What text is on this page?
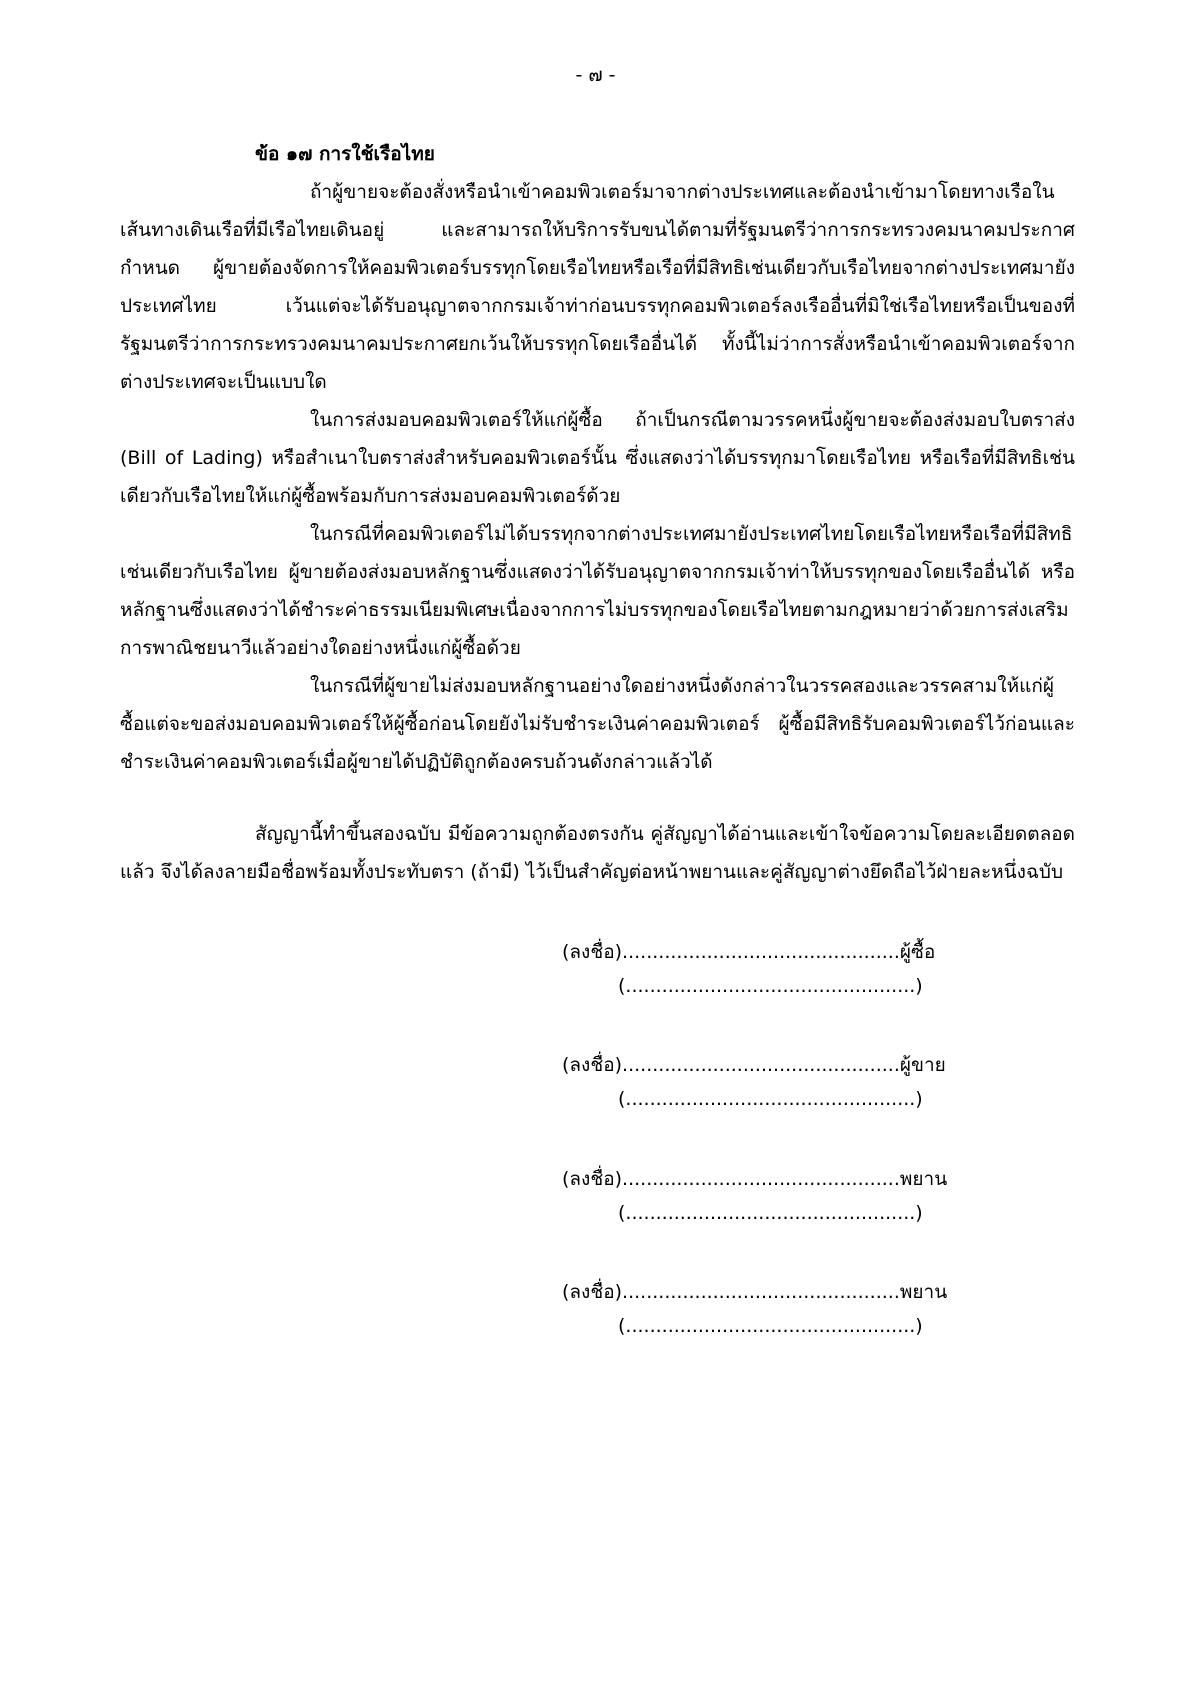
- ๗ -

ข้อ ๑๗ การใช้เรือไทย

ถ้าผู้ขายจะต้องสั่งหรือนำเข้าคอมพิวเตอร์มาจากต่างประเทศและต้องนำเข้ามาโดยทางเรือในเส้นทางเดินเรือที่มีเรือไทยเดินอยู่ และสามารถให้บริการรับขนได้ตามที่รัฐมนตรีว่าการกระทรวงคมนาคมประกาศกำหนด ผู้ขายต้องจัดการให้คอมพิวเตอร์บรรทุกโดยเรือไทยหรือเรือที่มีสิทธิเช่นเดียวกับเรือไทยจากต่างประเทศมายังประเทศไทย เว้นแต่จะได้รับอนุญาตจากกรมเจ้าท่าก่อนบรรทุกคอมพิวเตอร์ลงเรืออื่นที่มิใช่เรือไทยหรือเป็นของที่รัฐมนตรีว่าการกระทรวงคมนาคมประกาศยกเว้นให้บรรทุกโดยเรืออื่นได้ ทั้งนี้ไม่ว่าการสั่งหรือนำเข้าคอมพิวเตอร์จากต่างประเทศจะเป็นแบบใด

ในการส่งมอบคอมพิวเตอร์ให้แก่ผู้ซื้อ ถ้าเป็นกรณีตามวรรคหนึ่งผู้ขายจะต้องส่งมอบใบตราส่ง (Bill of Lading) หรือสำเนาใบตราส่งสำหรับคอมพิวเตอร์นั้น ซึ่งแสดงว่าได้บรรทุกมาโดยเรือไทย หรือเรือที่มีสิทธิเช่นเดียวกับเรือไทยให้แก่ผู้ซื้อพร้อมกับการส่งมอบคอมพิวเตอร์ด้วย

ในกรณีที่คอมพิวเตอร์ไม่ได้บรรทุกจากต่างประเทศมายังประเทศไทยโดยเรือไทยหรือเรือที่มีสิทธิเช่นเดียวกับเรือไทย ผู้ขายต้องส่งมอบหลักฐานซึ่งแสดงว่าได้รับอนุญาตจากกรมเจ้าท่าให้บรรทุกของโดยเรืออื่นได้ หรือหลักฐานซึ่งแสดงว่าได้ชำระค่าธรรมเนียมพิเศษเนื่องจากการไม่บรรทุกของโดยเรือไทยตามกฎหมายว่าด้วยการส่งเสริมการพาณิชยนาวีแล้วอย่างใดอย่างหนึ่งแก่ผู้ซื้อด้วย

ในกรณีที่ผู้ขายไม่ส่งมอบหลักฐานอย่างใดอย่างหนึ่งดังกล่าวในวรรคสองและวรรคสามให้แก่ผู้ซื้อแต่จะขอส่งมอบคอมพิวเตอร์ให้ผู้ซื้อก่อนโดยยังไม่รับชำระเงินค่าคอมพิวเตอร์ ผู้ซื้อมีสิทธิรับคอมพิวเตอร์ไว้ก่อนและชำระเงินค่าคอมพิวเตอร์เมื่อผู้ขายได้ปฏิบัติถูกต้องครบถ้วนดังกล่าวแล้วได้

สัญญานี้ทำขึ้นสองฉบับ มีข้อความถูกต้องตรงกัน คู่สัญญาได้อ่านและเข้าใจข้อความโดยละเอียดตลอดแล้ว จึงได้ลงลายมือชื่อพร้อมทั้งประทับตรา (ถ้ามี) ไว้เป็นสำคัญต่อหน้าพยานและคู่สัญญาต่างยึดถือไว้ฝ่ายละหนึ่งฉบับ

(ลงชื่อ)..............................................ผู้ซื้อ
(................................................)
(ลงชื่อ)..............................................ผู้ขาย
(................................................)
(ลงชื่อ)..............................................พยาน
(................................................)
(ลงชื่อ)..............................................พยาน
(................................................)
